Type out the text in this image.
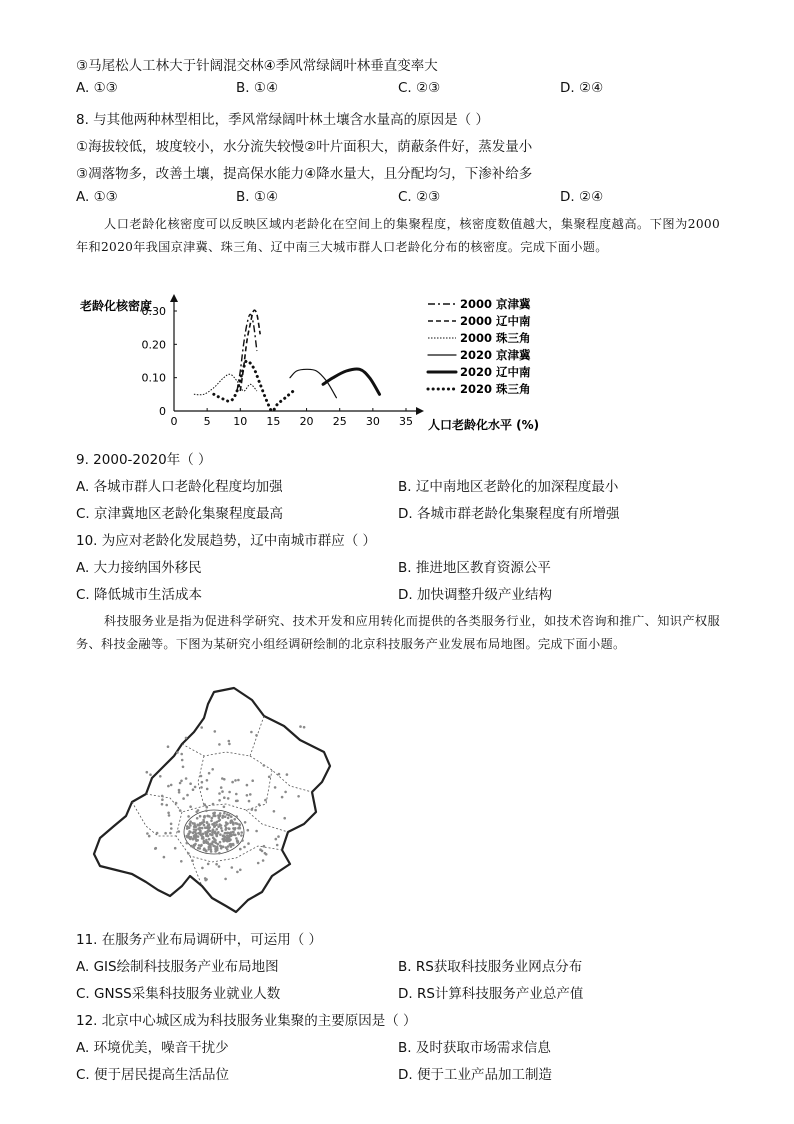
③马尾松人工林大于针阔混交林④季风常绿阔叶林垂直变率大
A. ①③	B. ①④	C. ②③	D. ②④
8. 与其他两种林型相比，季风常绿阔叶林土壤含水量高的原因是（ ）
①海拔较低，坡度较小，水分流失较慢②叶片面积大，荫蔽条件好，蒸发量小
③凋落物多，改善土壤，提高保水能力④降水量大，且分配均匀，下渗补给多
A. ①③	B. ①④	C. ②③	D. ②④
人口老龄化核密度可以反映区域内老龄化在空间上的集聚程度，核密度数值越大，集聚程度越高。下图为2000年和2020年我国京津冀、珠三角、辽中南三大城市群人口老龄化分布的核密度。完成下面小题。
0 5 10 15 20 25 30 35
0
0.10
0.20
0.30
老龄化核密度
人口老龄化水平 (%)
2000 京津冀
2000 辽中南
2000 珠三角
2020 京津冀
2020 辽中南
2020 珠三角
9. 2000-2020年（ ）
A. 各城市群人口老龄化程度均加强	B. 辽中南地区老龄化的加深程度最小
C. 京津冀地区老龄化集聚程度最高	D. 各城市群老龄化集聚程度有所增强
10. 为应对老龄化发展趋势，辽中南城市群应（ ）
A. 大力接纳国外移民	B. 推进地区教育资源公平
C. 降低城市生活成本	D. 加快调整升级产业结构
科技服务业是指为促进科学研究、技术开发和应用转化而提供的各类服务行业，如技术咨询和推广、知识产权服务、科技金融等。下图为某研究小组经调研绘制的北京科技服务产业发展布局地图。完成下面小题。
11. 在服务产业布局调研中，可运用（ ）
A. GIS绘制科技服务产业布局地图	B. RS获取科技服务业网点分布
C. GNSS采集科技服务业就业人数	D. RS计算科技服务产业总产值
12. 北京中心城区成为科技服务业集聚的主要原因是（ ）
A. 环境优美，噪音干扰少	B. 及时获取市场需求信息
C. 便于居民提高生活品位	D. 便于工业产品加工制造
